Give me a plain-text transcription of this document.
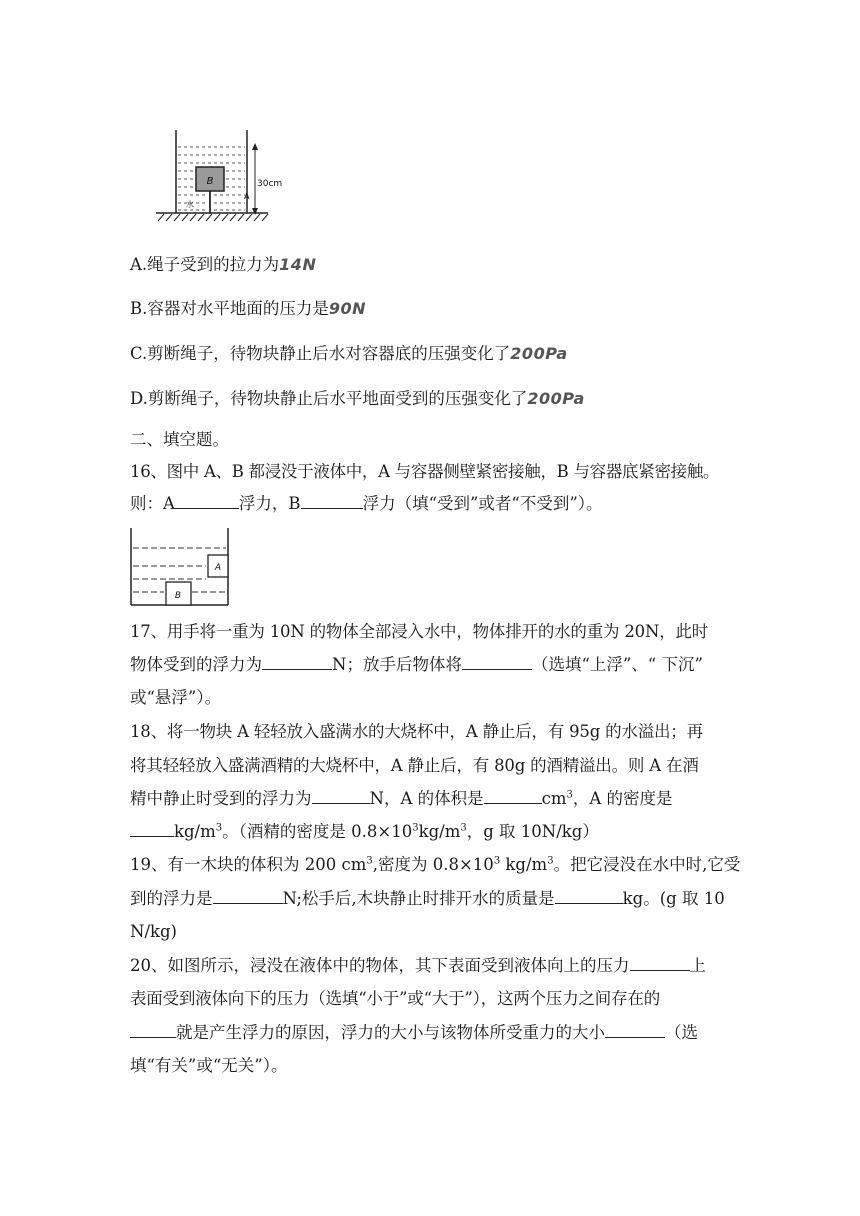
B
水
30cm
A
A.绳子受到的拉力为14N
B.容器对水平地面的压力是90N
C.剪断绳子，待物块静止后水对容器底的压强变化了200Pa
D.剪断绳子，待物块静止后水平地面受到的压强变化了200Pa
二、填空题。
16、图中 A、B 都浸没于液体中，A 与容器侧壁紧密接触，B 与容器底紧密接触。
则：A	浮力，B	浮力（填“受到”或者“不受到”）。
A
B
17、用手将一重为 10N 的物体全部浸入水中，物体排开的水的重为 20N，此时
物体受到的浮力为	N；放手后物体将	（选填“上浮”、“ 下沉”
或“悬浮”）。
18、将一物块 A 轻轻放入盛满水的大烧杯中，A 静止后，有 95g 的水溢出；再
将其轻轻放入盛满酒精的大烧杯中，A 静止后，有 80g 的酒精溢出。则 A 在酒
精中静止时受到的浮力为	N，A 的体积是	$cm^3$，A 的密度是
$kg/m^3$。（酒精的密度是 $0.8\times 10^3kg/m^3$，g 取 10N/kg）
19、有一木块的体积为 200 $cm^3$,密度为 $0.8\times 10^3$ $kg/m^3$。把它浸没在水中时,它受
到的浮力是	N;松手后,木块静止时排开水的质量是	kg。(g 取 10
N/kg)
20、如图所示，浸没在液体中的物体，其下表面受到液体向上的压力	上
表面受到液体向下的压力（选填“小于”或“大于”），这两个压力之间存在的
就是产生浮力的原因，浮力的大小与该物体所受重力的大小	（选
填“有关”或“无关”）。
